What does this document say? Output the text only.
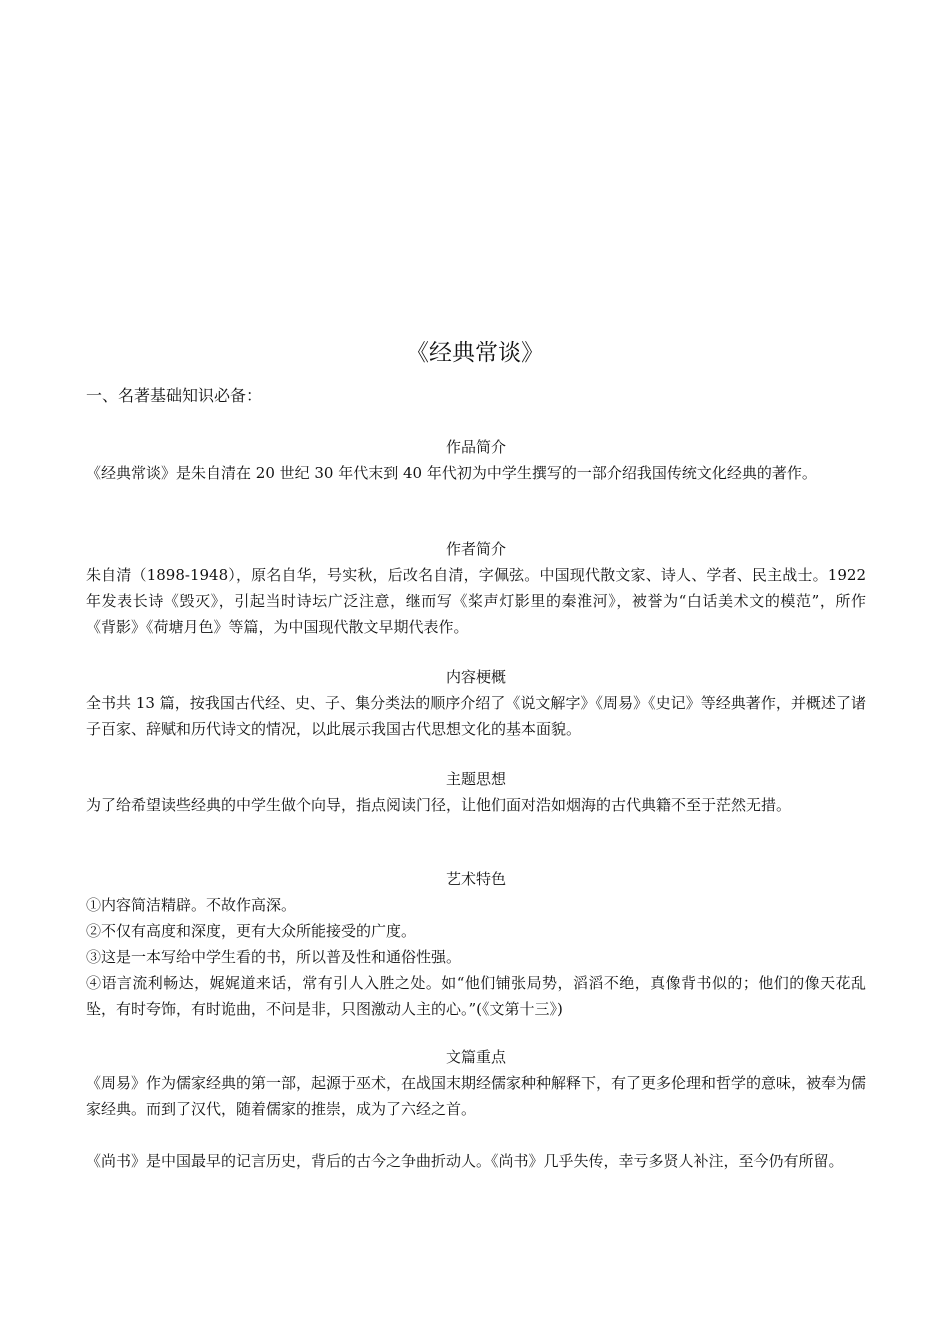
《经典常谈》
一、名著基础知识必备：
作品简介

《经典常谈》是朱自清在 20 世纪 30 年代末到 40 年代初为中学生撰写的一部介绍我国传统文化经典的著作。

作者简介

朱自清（1898-1948），原名自华，号实秋，后改名自清，字佩弦。中国现代散文家、诗人、学者、民主战士。1922 年发表长诗《毁灭》，引起当时诗坛广泛注意，继而写《桨声灯影里的秦淮河》，被誉为“白话美术文的模范”，所作《背影》《荷塘月色》等篇，为中国现代散文早期代表作。

内容梗概

全书共 13 篇，按我国古代经、史、子、集分类法的顺序介绍了《说文解字》《周易》《史记》等经典著作，并概述了诸子百家、辞赋和历代诗文的情况，以此展示我国古代思想文化的基本面貌。

主题思想

为了给希望读些经典的中学生做个向导，指点阅读门径，让他们面对浩如烟海的古代典籍不至于茫然无措。

艺术特色

①内容简洁精辟。不故作高深。

②不仅有高度和深度，更有大众所能接受的广度。

③这是一本写给中学生看的书，所以普及性和通俗性强。

④语言流利畅达，娓娓道来话，常有引人入胜之处。如“他们铺张局势，滔滔不绝，真像背书似的；他们的像天花乱坠，有时夸饰，有时诡曲，不问是非，只图激动人主的心。”(《文第十三》)

文篇重点

《周易》作为儒家经典的第一部，起源于巫术，在战国末期经儒家种种解释下，有了更多伦理和哲学的意味，被奉为儒家经典。而到了汉代，随着儒家的推崇，成为了六经之首。

《尚书》是中国最早的记言历史，背后的古今之争曲折动人。《尚书》几乎失传，幸亏多贤人补注，至今仍有所留。
